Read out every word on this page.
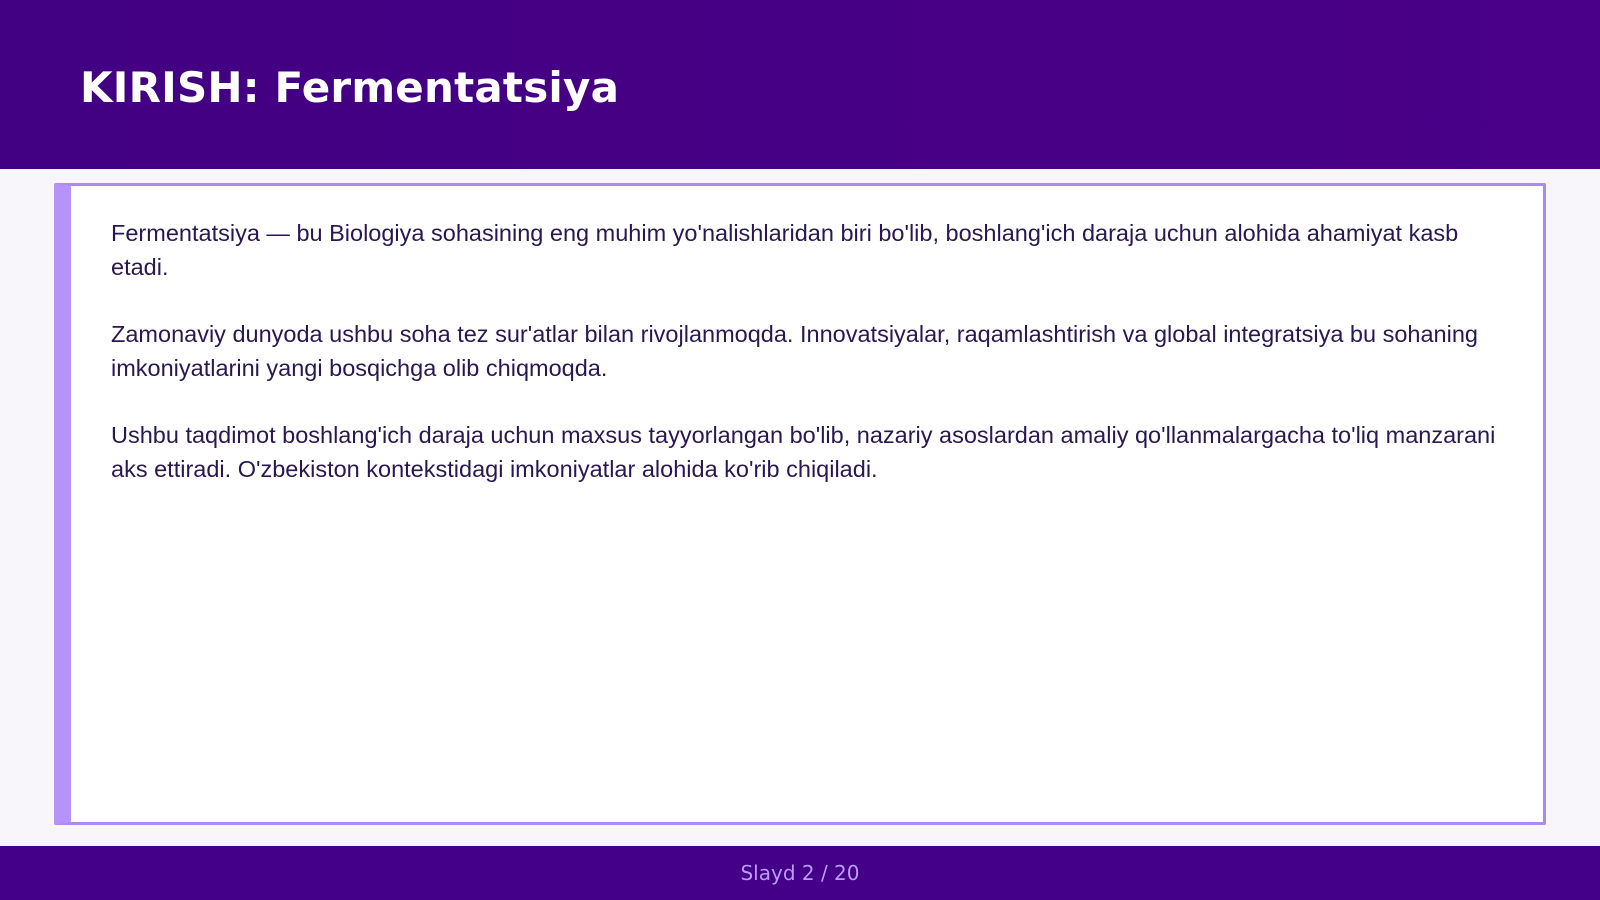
KIRISH: Fermentatsiya

Fermentatsiya — bu Biologiya sohasining eng muhim yo'nalishlaridan biri bo'lib, boshlang'ich daraja uchun alohida ahamiyat kasb etadi.

Zamonaviy dunyoda ushbu soha tez sur'atlar bilan rivojlanmoqda. Innovatsiyalar, raqamlashtirish va global integratsiya bu sohaning imkoniyatlarini yangi bosqichga olib chiqmoqda.

Ushbu taqdimot boshlang'ich daraja uchun maxsus tayyorlangan bo'lib, nazariy asoslardan amaliy qo'llanmalargacha to'liq manzarani aks ettiradi. O'zbekiston kontekstidagi imkoniyatlar alohida ko'rib chiqiladi.

Slayd 2 / 20
